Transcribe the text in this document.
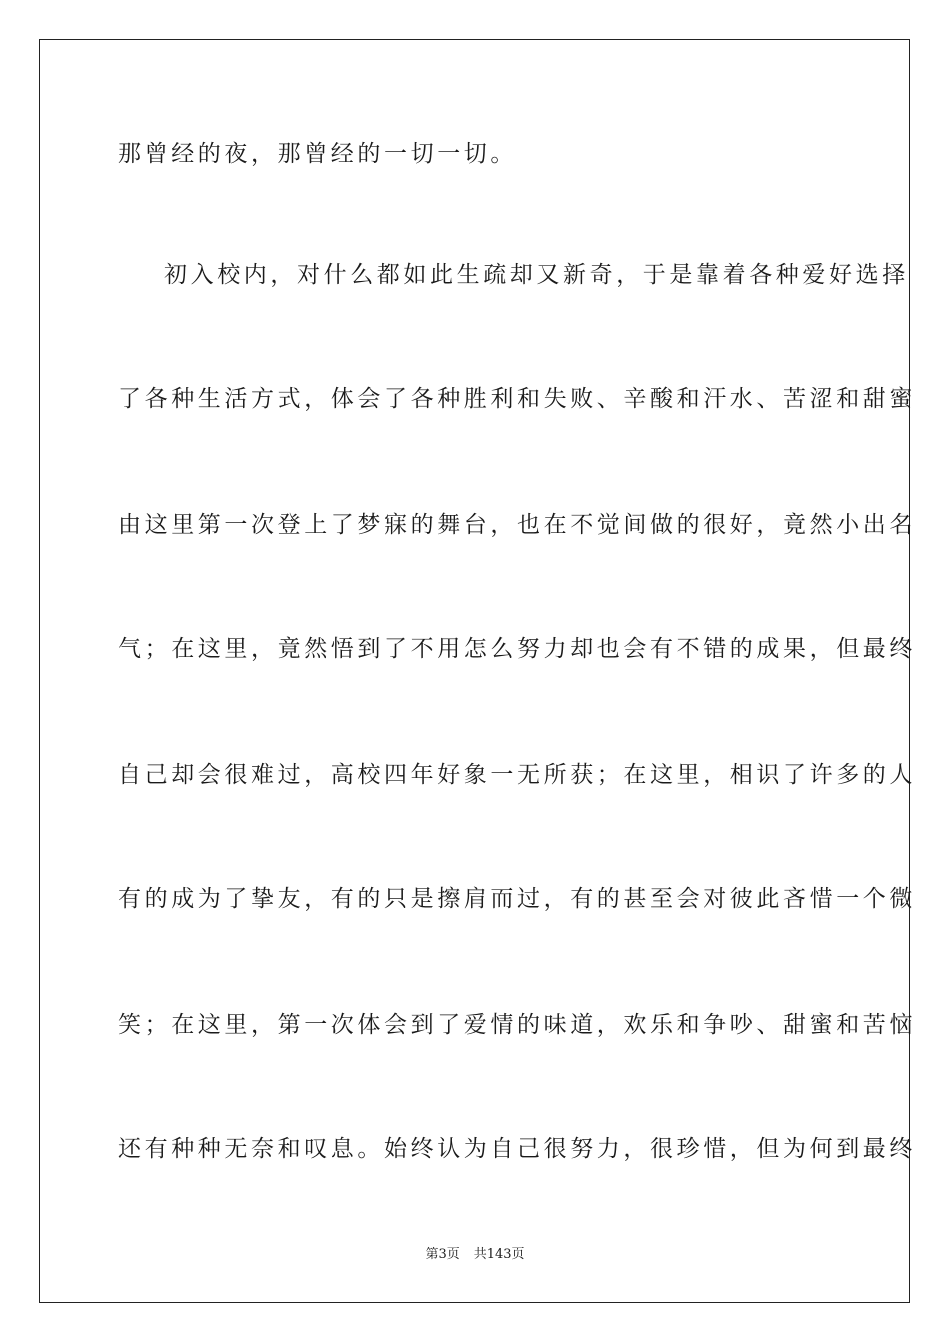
那曾经的夜，那曾经的一切一切。
初入校内，对什么都如此生疏却又新奇，于是靠着各种爱好选择
了各种生活方式，体会了各种胜利和失败、辛酸和汗水、苦涩和甜蜜
由这里第一次登上了梦寐的舞台，也在不觉间做的很好，竟然小出名
气；在这里，竟然悟到了不用怎么努力却也会有不错的成果，但最终
自己却会很难过，高校四年好象一无所获；在这里，相识了许多的人
有的成为了挚友，有的只是擦肩而过，有的甚至会对彼此吝惜一个微
笑；在这里，第一次体会到了爱情的味道，欢乐和争吵、甜蜜和苦恼
还有种种无奈和叹息。始终认为自己很努力，很珍惜，但为何到最终
第3页 共143页
